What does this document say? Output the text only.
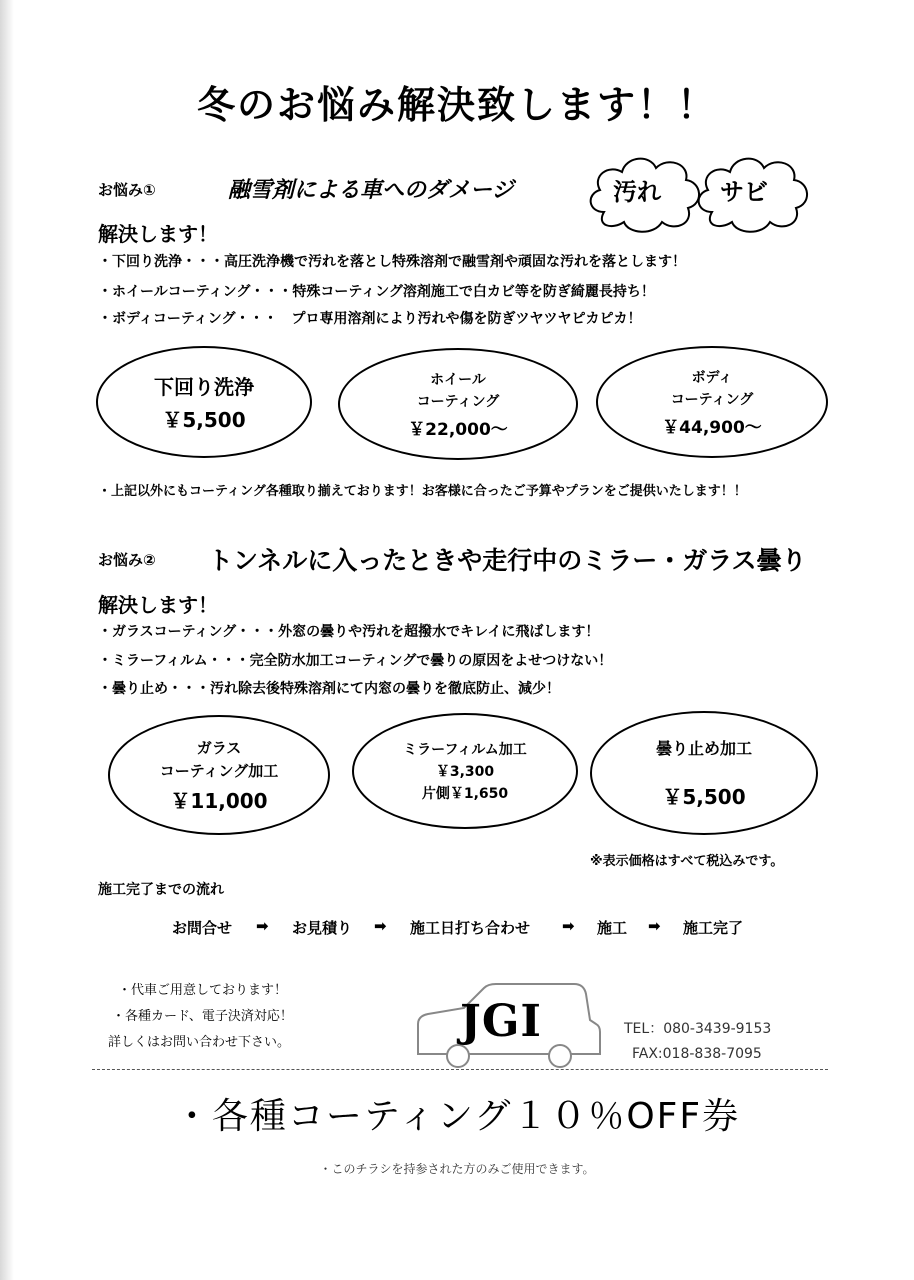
冬のお悩み解決致します！！
お悩み①	融雪剤による車へのダメージ	汚れ サビ
解決します！
・下回り洗浄・・・高圧洗浄機で汚れを落とし特殊溶剤で融雪剤や頑固な汚れを落とします！
・ホイールコーティング・・・特殊コーティング溶剤施工で白カビ等を防ぎ綺麗長持ち！
・ボディコーティング・・・　プロ専用溶剤により汚れや傷を防ぎツヤツヤピカピカ！
下回り洗浄
￥5,500
ホイール
コーティング
￥22,000～
ボディ
コーティング
￥44,900～
・上記以外にもコーティング各種取り揃えております！お客様に合ったご予算やプランをご提供いたします！！
お悩み② トンネルに入ったときや走行中のミラー・ガラス曇り
解決します！
・ガラスコーティング・・・外窓の曇りや汚れを超撥水でキレイに飛ばします！
・ミラーフィルム・・・完全防水加工コーティングで曇りの原因をよせつけない！
・曇り止め・・・汚れ除去後特殊溶剤にて内窓の曇りを徹底防止、減少！
ガラス
コーティング加工
￥11,000
ミラーフィルム加工
￥3,300
片側￥1,650
曇り止め加工
￥5,500
※表示価格はすべて税込みです。
施工完了までの流れ
お問合せ ➡ お見積り ➡ 施工日打ち合わせ ➡ 施工 ➡ 施工完了
・代車ご用意しております！
・各種カード、電子決済対応！
詳しくはお問い合わせ下さい。	JGI	TEL：080-3439-9153
FAX:018-838-7095
・各種コーティング１０％OFF券
・このチラシを持参された方のみご使用できます。
